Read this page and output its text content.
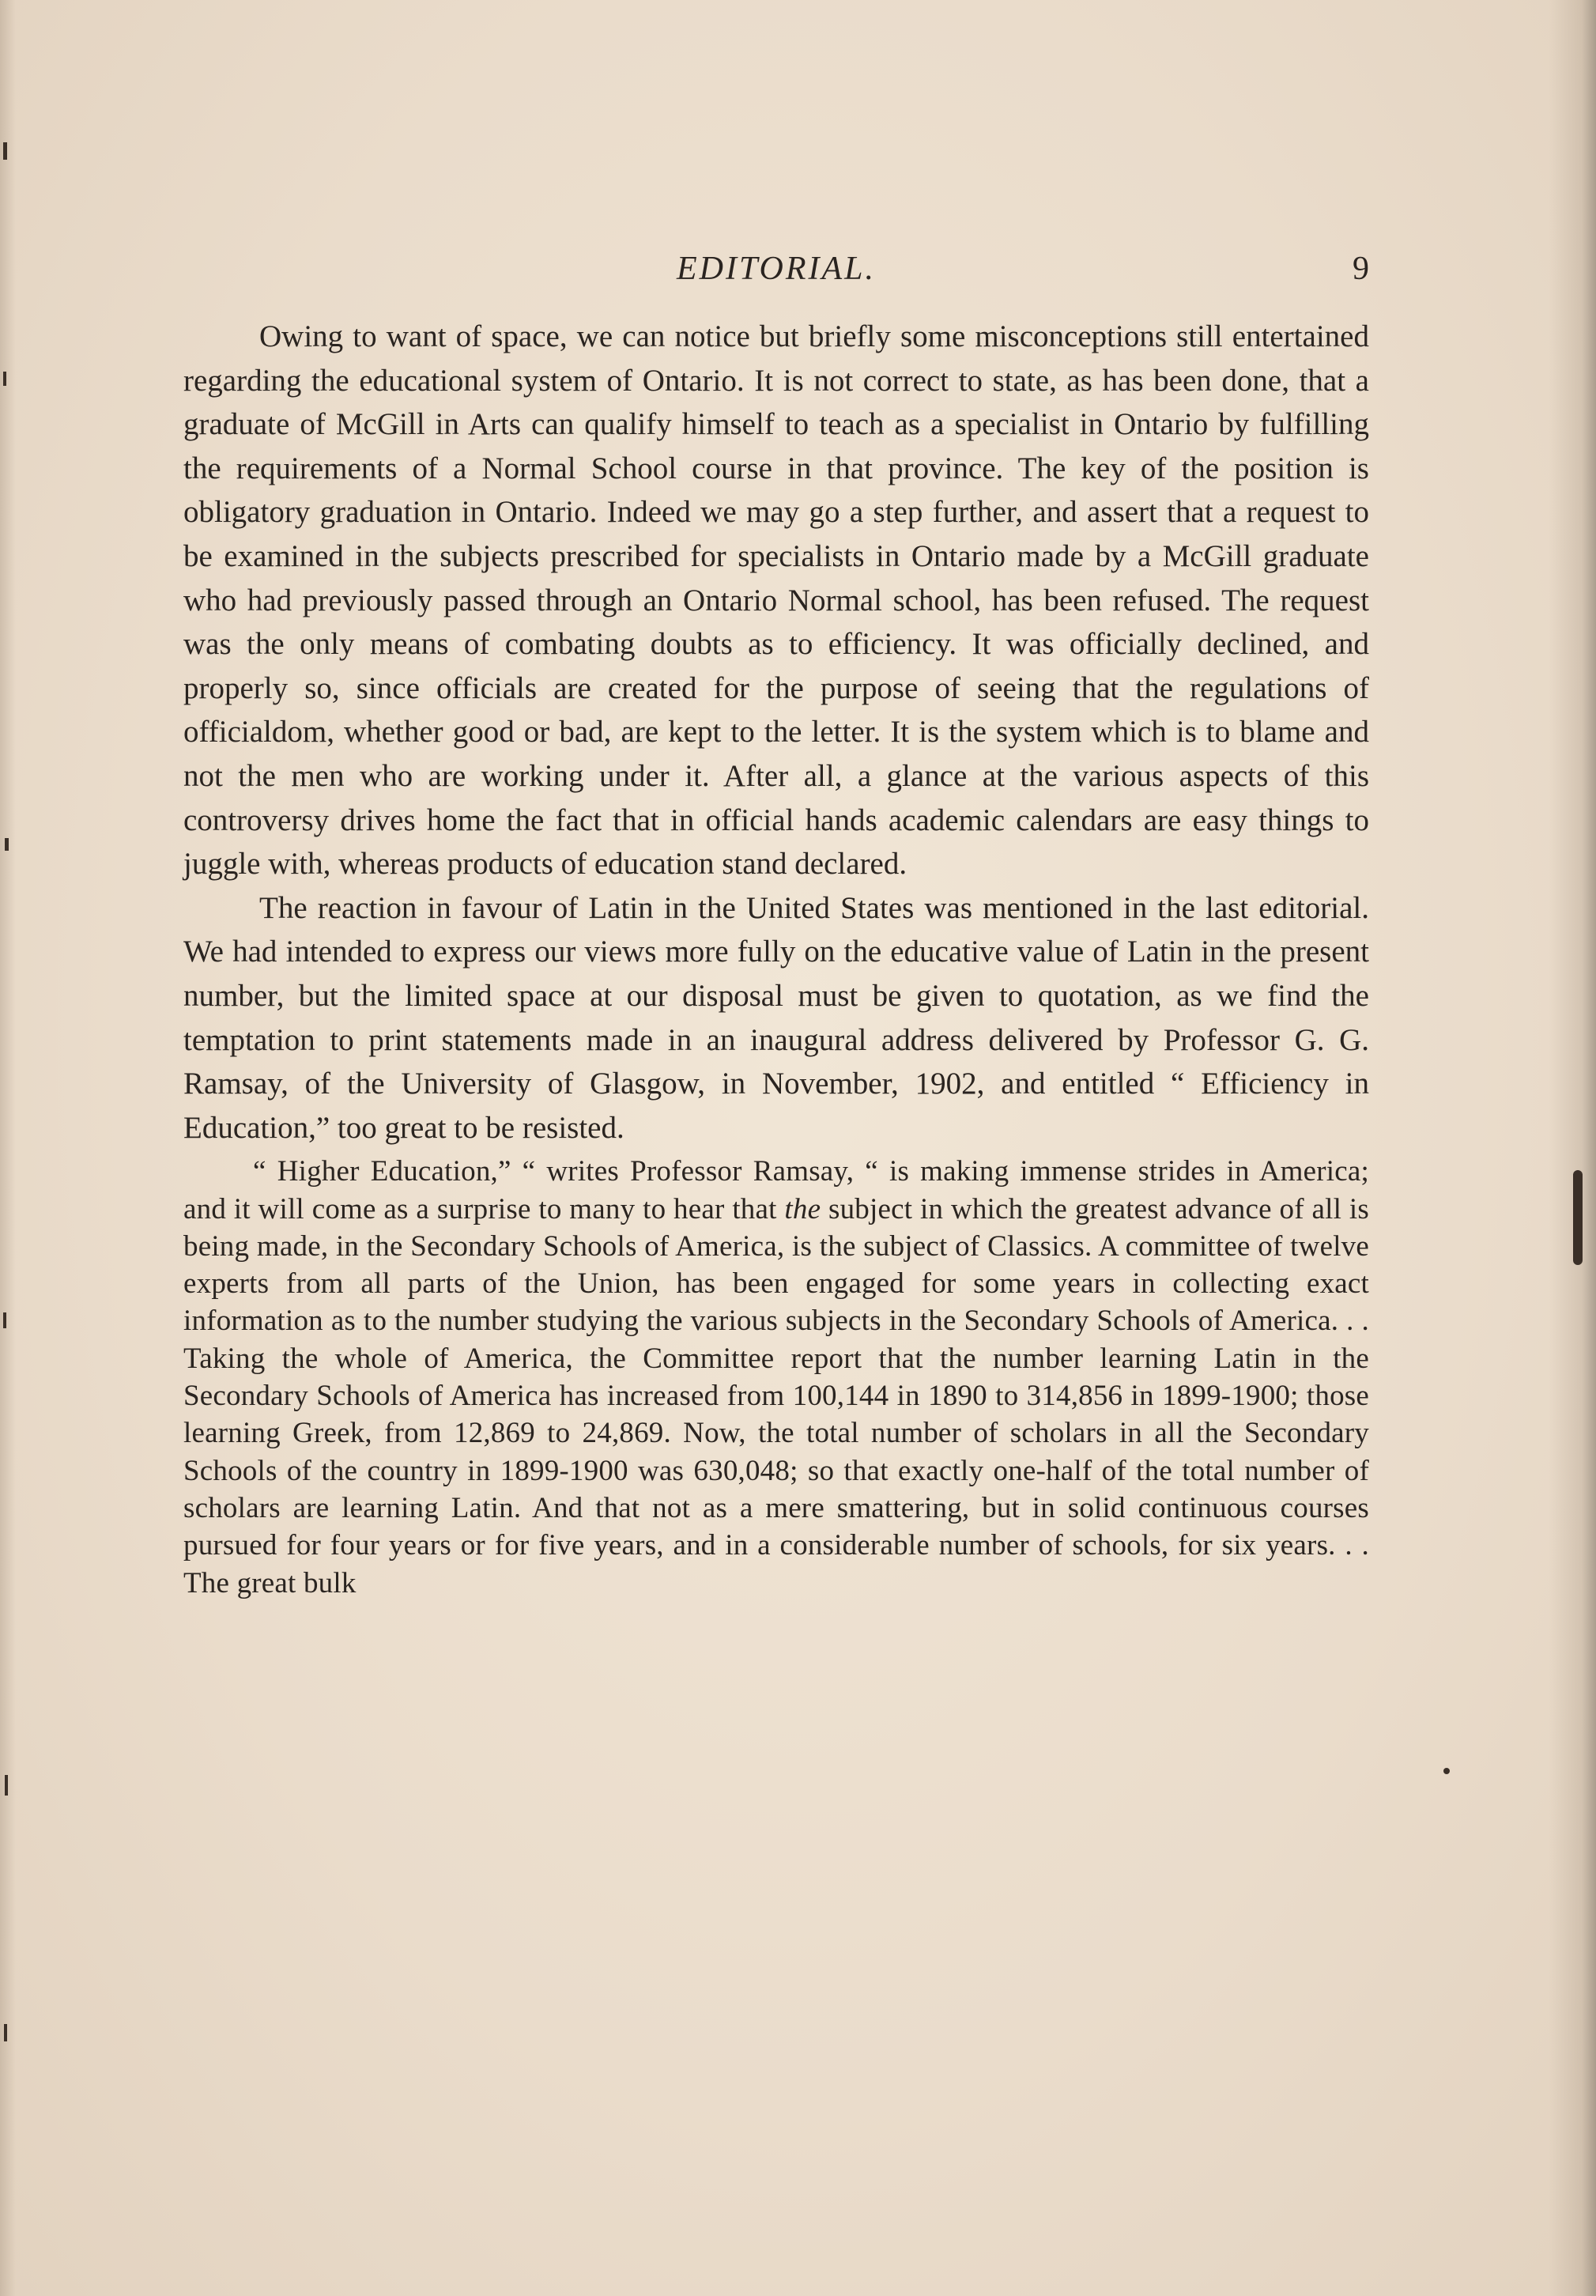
EDITORIAL.	9

Owing to want of space, we can notice but briefly some misconceptions still entertained regarding the educational system of Ontario. It is not correct to state, as has been done, that a graduate of McGill in Arts can qualify himself to teach as a specialist in Ontario by fulfilling the requirements of a Normal School course in that province. The key of the position is obligatory graduation in Ontario. Indeed we may go a step further, and assert that a request to be examined in the subjects prescribed for specialists in Ontario made by a McGill graduate who had previously passed through an Ontario Normal school, has been refused. The request was the only means of combating doubts as to efficiency. It was officially declined, and properly so, since officials are created for the purpose of seeing that the regulations of officialdom, whether good or bad, are kept to the letter. It is the system which is to blame and not the men who are working under it. After all, a glance at the various aspects of this controversy drives home the fact that in official hands academic calendars are easy things to juggle with, whereas products of education stand declared.

The reaction in favour of Latin in the United States was mentioned in the last editorial. We had intended to express our views more fully on the educative value of Latin in the present number, but the limited space at our disposal must be given to quotation, as we find the temptation to print statements made in an inaugural address delivered by Professor G. G. Ramsay, of the University of Glasgow, in November, 1902, and entitled “ Efficiency in Education,” too great to be resisted.

“ Higher Education,” “ writes Professor Ramsay, “ is making immense strides in America; and it will come as a surprise to many to hear that the subject in which the greatest advance of all is being made, in the Secondary Schools of America, is the subject of Classics. A committee of twelve experts from all parts of the Union, has been engaged for some years in collecting exact information as to the number studying the various subjects in the Secondary Schools of America. . . Taking the whole of America, the Committee report that the number learning Latin in the Secondary Schools of America has increased from 100,144 in 1890 to 314,856 in 1899-1900; those learning Greek, from 12,869 to 24,869. Now, the total number of scholars in all the Secondary Schools of the country in 1899-1900 was 630,048; so that exactly one-half of the total number of scholars are learning Latin. And that not as a mere smattering, but in solid continuous courses pursued for four years or for five years, and in a considerable number of schools, for six years. . . The great bulk
